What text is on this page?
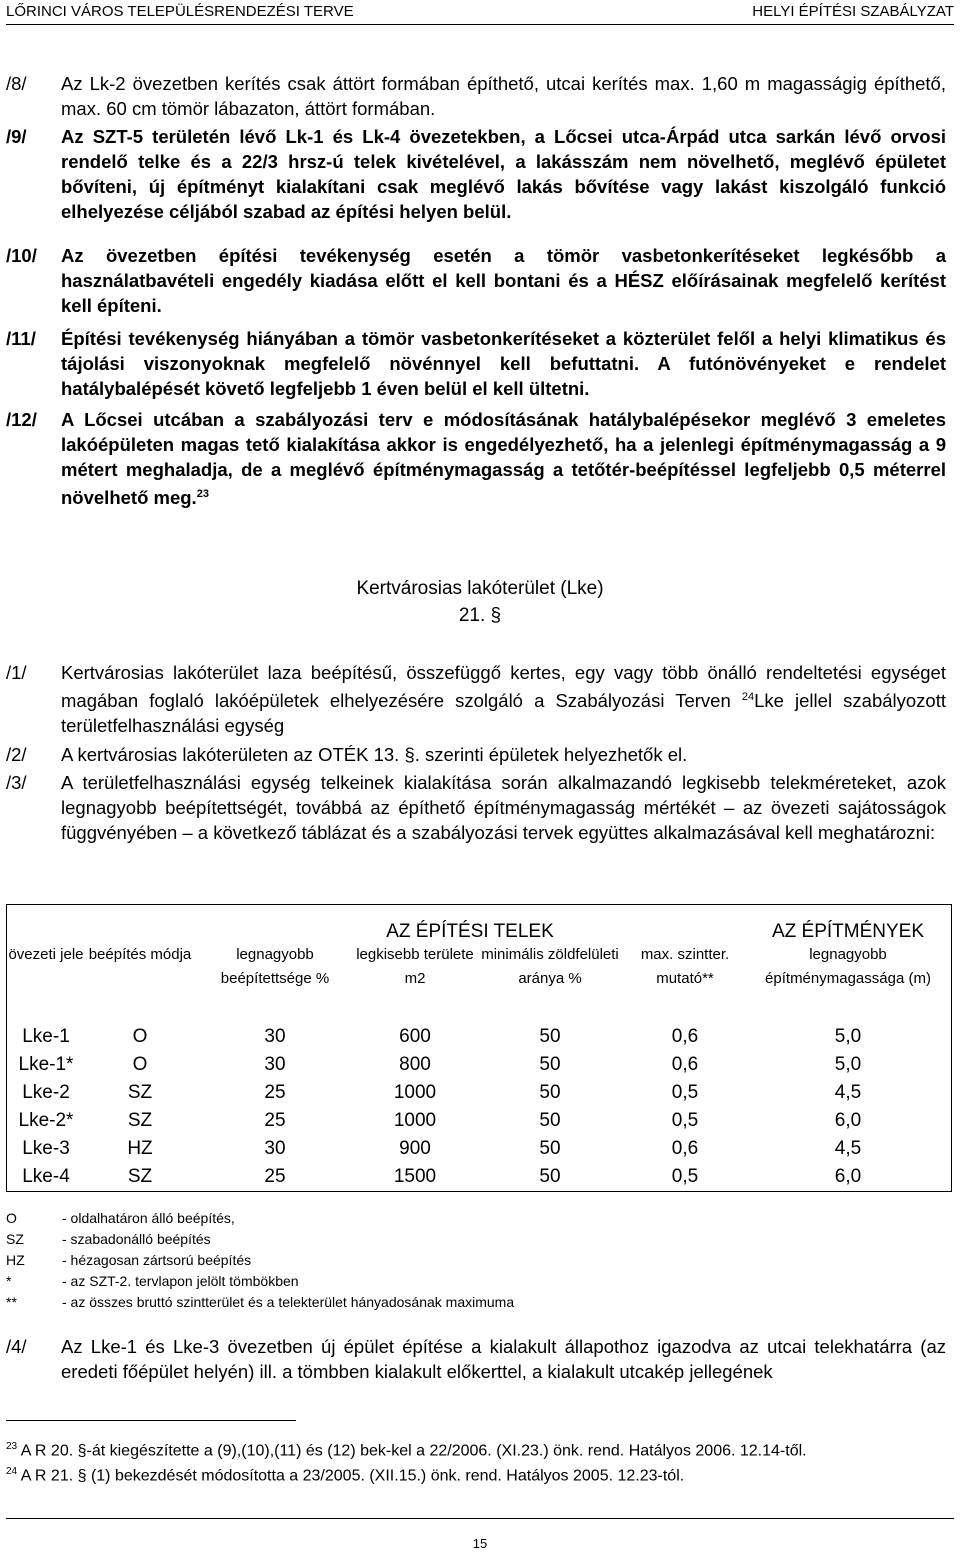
LŐRINCI VÁROS TELEPÜLÉSRENDEZÉSI TERVE	HELYI ÉPÍTÉSI SZABÁLYZAT
/8/ Az Lk-2 övezetben kerítés csak áttört formában építhető, utcai kerítés max. 1,60 m magasságig építhető, max. 60 cm tömör lábazaton, áttört formában.
/9/ Az SZT-5 területén lévő Lk-1 és Lk-4 övezetekben, a Lőcsei utca-Árpád utca sarkán lévő orvosi rendelő telke és a 22/3 hrsz-ú telek kivételével, a lakásszám nem növelhető, meglévő épületet bővíteni, új építményt kialakítani csak meglévő lakás bővítése vagy lakást kiszolgáló funkció elhelyezése céljából szabad az építési helyen belül.
/10/ Az övezetben építési tevékenység esetén a tömör vasbetonkerítéseket legkésőbb a használatbavételi engedély kiadása előtt el kell bontani és a HÉSZ előírásainak megfelelő kerítést kell építeni.
/11/ Építési tevékenység hiányában a tömör vasbetonkerítéseket a közterület felől a helyi klimatikus és tájolási viszonyoknak megfelelő növénnyel kell befuttatni. A futónövényeket e rendelet hatálybalépését követő legfeljebb 1 éven belül el kell ültetni.
/12/ A Lőcsei utcában a szabályozási terv e módosításának hatálybalépésekor meglévő 3 emeletes lakóépületen magas tető kialakítása akkor is engedélyezhető, ha a jelenlegi építménymagasság a 9 métert meghaladja, de a meglévő építménymagasság a tetőtér-beépítéssel legfeljebb 0,5 méterrel növelhető meg.$^{23}$
Kertvárosias lakóterület (Lke)
21. §
/1/ Kertvárosias lakóterület laza beépítésű, összefüggő kertes, egy vagy több önálló rendeltetési egységet magában foglaló lakóépületek elhelyezésére szolgáló a Szabályozási Terven $^{24}$Lke jellel szabályozott területfelhasználási egység
/2/ A kertvárosias lakóterületen az OTÉK 13. §. szerinti épületek helyezhetők el.
/3/ A területfelhasználási egység telkeinek kialakítása során alkalmazandó legkisebb telekméreteket, azok legnagyobb beépítettségét, továbbá az építhető építménymagasság mértékét – az övezeti sajátosságok függvényében – a következő táblázat és a szabályozási tervek együttes alkalmazásával kell meghatározni:
		AZ ÉPÍTÉSI TELEK				AZ ÉPÍTMÉNYEK
övezeti jele	beépítés módja	legnagyobb beépítettsége %	legkisebb területe m2	minimális zöldfelületi aránya %	max. szintter. mutató**	legnagyobb építménymagassága (m)
Lke-1	O	30	600	50	0,6	5,0
Lke-1*	O	30	800	50	0,6	5,0
Lke-2	SZ	25	1000	50	0,5	4,5
Lke-2*	SZ	25	1000	50	0,5	6,0
Lke-3	HZ	30	900	50	0,6	4,5
Lke-4	SZ	25	1500	50	0,5	6,0
O	- oldalhatáron álló beépítés,
SZ	- szabadonálló beépítés
HZ	- hézagosan zártsorú beépítés
*	- az SZT-2. tervlapon jelölt tömbökben
**	- az összes bruttó szintterület és a telekterület hányadosának maximuma
/4/ Az Lke-1 és Lke-3 övezetben új épület építése a kialakult állapothoz igazodva az utcai telekhatárra (az eredeti főépület helyén) ill. a tömbben kialakult előkerttel, a kialakult utcakép jellegének
$^{23}$ A R 20. §-át kiegészítette a (9),(10),(11) és (12) bek-kel a 22/2006. (XI.23.) önk. rend. Hatályos 2006. 12.14-től.
$^{24}$ A R 21. § (1) bekezdését módosította a 23/2005. (XII.15.) önk. rend. Hatályos 2005. 12.23-tól.
15
